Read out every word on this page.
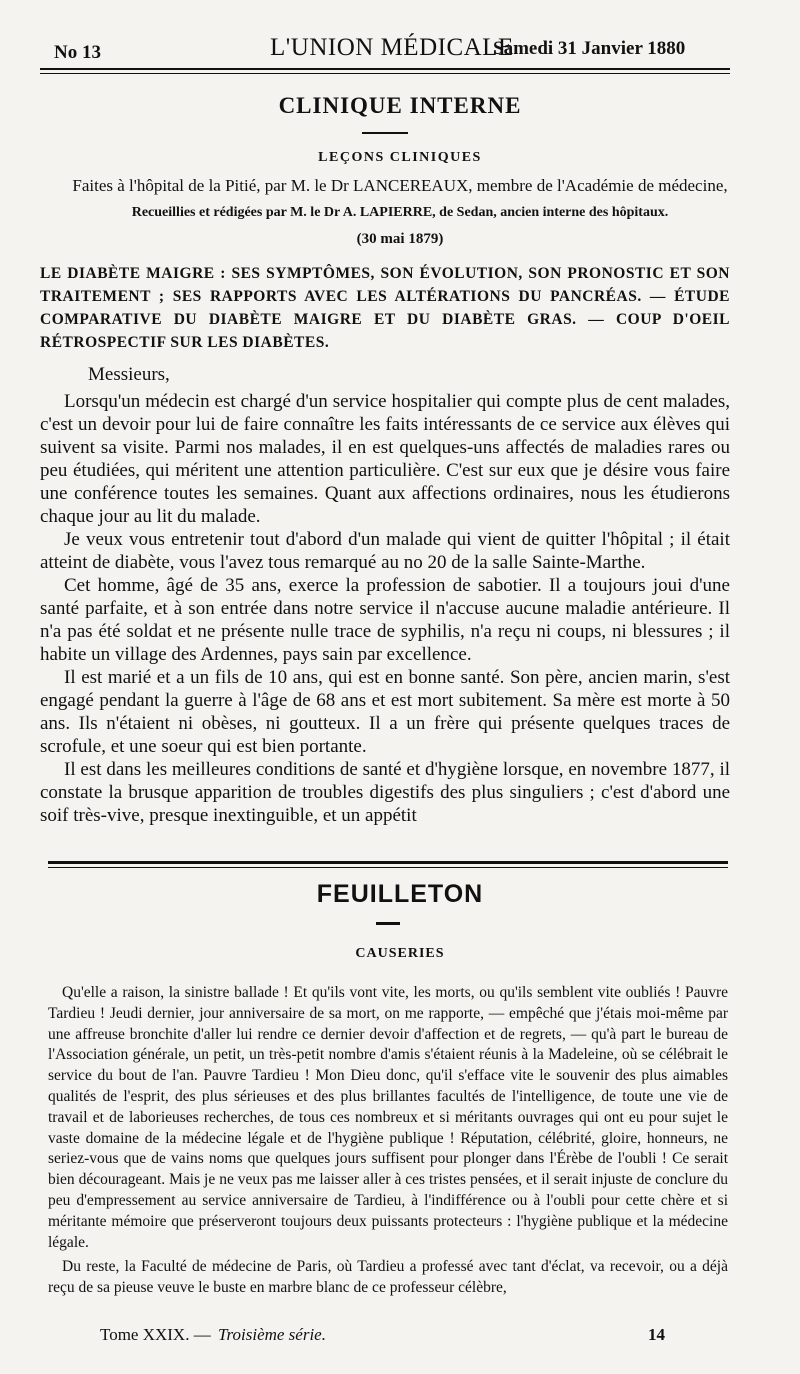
No 13	L'UNION MÉDICALE
Samedi 31 Janvier 1880
CLINIQUE INTERNE
LEÇONS CLINIQUES
Faites à l'hôpital de la Pitié, par M. le Dr LANCEREAUX, membre de l'Académie de médecine,
Recueillies et rédigées par M. le Dr A. LAPIERRE, de Sedan, ancien interne des hôpitaux.
(30 mai 1879)
LE DIABÈTE MAIGRE : SES SYMPTÔMES, SON ÉVOLUTION, SON PRONOSTIC ET SON TRAITEMENT ; SES RAPPORTS AVEC LES ALTÉRATIONS DU PANCRÉAS. — ÉTUDE COMPARATIVE DU DIABÈTE MAIGRE ET DU DIABÈTE GRAS. — COUP D'OEIL RÉTROSPECTIF SUR LES DIABÈTES.

Messieurs,

Lorsqu'un médecin est chargé d'un service hospitalier qui compte plus de cent malades, c'est un devoir pour lui de faire connaître les faits intéressants de ce service aux élèves qui suivent sa visite. Parmi nos malades, il en est quelques-uns affectés de maladies rares ou peu étudiées, qui méritent une attention particulière. C'est sur eux que je désire vous faire une conférence toutes les semaines. Quant aux affections ordinaires, nous les étudierons chaque jour au lit du malade.

Je veux vous entretenir tout d'abord d'un malade qui vient de quitter l'hôpital ; il était atteint de diabète, vous l'avez tous remarqué au no 20 de la salle Sainte-Marthe.

Cet homme, âgé de 35 ans, exerce la profession de sabotier. Il a toujours joui d'une santé parfaite, et à son entrée dans notre service il n'accuse aucune maladie antérieure. Il n'a pas été soldat et ne présente nulle trace de syphilis, n'a reçu ni coups, ni blessures ; il habite un village des Ardennes, pays sain par excellence.

Il est marié et a un fils de 10 ans, qui est en bonne santé. Son père, ancien marin, s'est engagé pendant la guerre à l'âge de 68 ans et est mort subitement. Sa mère est morte à 50 ans. Ils n'étaient ni obèses, ni goutteux. Il a un frère qui présente quelques traces de scrofule, et une soeur qui est bien portante.

Il est dans les meilleures conditions de santé et d'hygiène lorsque, en novembre 1877, il constate la brusque apparition de troubles digestifs des plus singuliers ; c'est d'abord une soif très-vive, presque inextinguible, et un appétit

FEUILLETON
CAUSERIES

Qu'elle a raison, la sinistre ballade ! Et qu'ils vont vite, les morts, ou qu'ils semblent vite oubliés ! Pauvre Tardieu ! Jeudi dernier, jour anniversaire de sa mort, on me rapporte, — empêché que j'étais moi-même par une affreuse bronchite d'aller lui rendre ce dernier devoir d'affection et de regrets, — qu'à part le bureau de l'Association générale, un petit, un très-petit nombre d'amis s'étaient réunis à la Madeleine, où se célébrait le service du bout de l'an. Pauvre Tardieu ! Mon Dieu donc, qu'il s'efface vite le souvenir des plus aimables qualités de l'esprit, des plus sérieuses et des plus brillantes facultés de l'intelligence, de toute une vie de travail et de laborieuses recherches, de tous ces nombreux et si méritants ouvrages qui ont eu pour sujet le vaste domaine de la médecine légale et de l'hygiène publique ! Réputation, célébrité, gloire, honneurs, ne seriez-vous que de vains noms que quelques jours suffisent pour plonger dans l'Érèbe de l'oubli ! Ce serait bien décourageant. Mais je ne veux pas me laisser aller à ces tristes pensées, et il serait injuste de conclure du peu d'empressement au service anniversaire de Tardieu, à l'indifférence ou à l'oubli pour cette chère et si méritante mémoire que préserveront toujours deux puissants protecteurs : l'hygiène publique et la médecine légale.

Du reste, la Faculté de médecine de Paris, où Tardieu a professé avec tant d'éclat, va recevoir, ou a déjà reçu de sa pieuse veuve le buste en marbre blanc de ce professeur célèbre,

Tome XXIX. — Troisième série.	14
